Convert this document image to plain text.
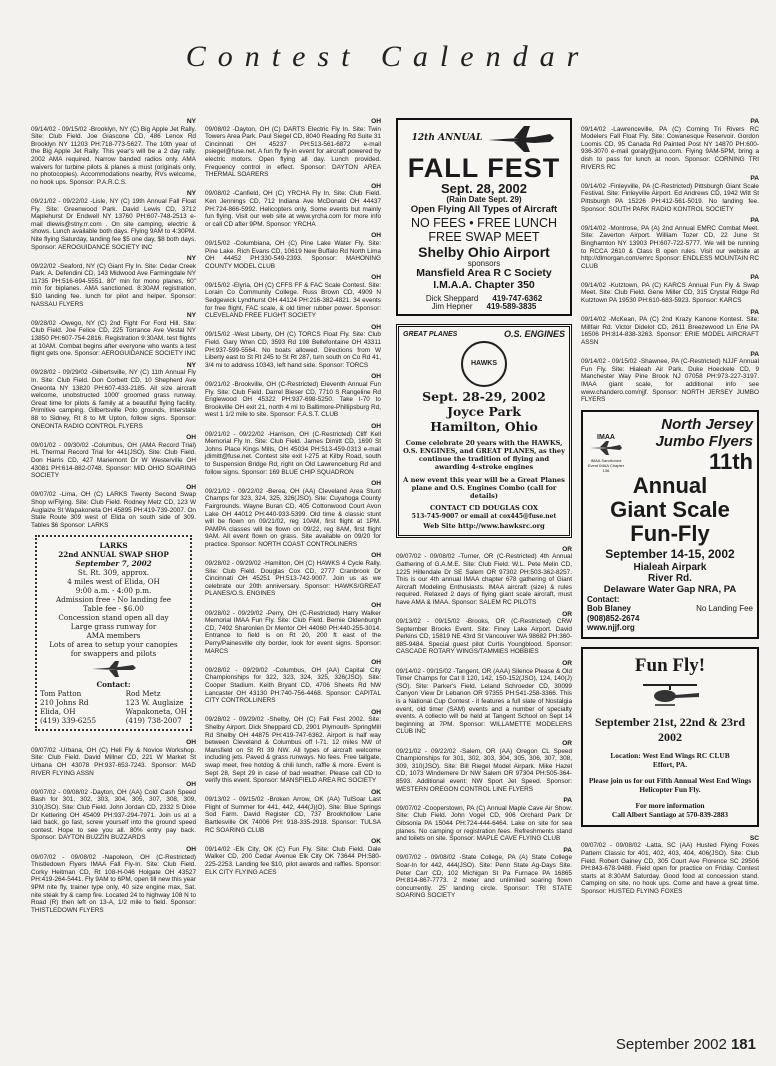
Contest Calendar
NY
09/14/02 - 09/15/02 -Brooklyn, NY (C) Big Apple Jet Rally. Site: Club Field. Joe Giascone CD, 486 Lenox Rd Brooklyn NY 11203 PH:718-773-5627. The 10th year of the Big Apple Jet Rally. This year's will be a 2 day rally. 2002 AMA required. Narrow banded radios only. AMA waivers for turbine pilots & planes a must (originals only, no photocopies). Accommodations nearby, RVs welcome, no hook ups. Sponsor: P.A.R.C.S.
NY
09/21/02 - 09/22/02 -Lisle, NY (C) 19th Annual Fall Float Fly. Site: Greenwood Park. David Lewis CD, 3712 Maplehurst Dr Endwell NY 13760 PH:607-748-2513 e-mail dlewis@stny.rr.com . On site camping, electric & shows. Lunch available both days. Flying 9AM to 4:30PM. Nite flying Saturday, landing fee $5 one day, $8 both days. Sponsor: AEROGUIDANCE SOCIETY INC
NY
09/22/02 -Seaford, NY (C) Giant Fly In. Site: Cedar Creek Park. A. Defendini CD, 143 Midwood Ave Farmingdale NY 11735 PH:516-694-5551. 80" min for mono planes, 60" min for biplanes. AMA sanctioned. 8:30AM registration, $10 landing fee. lunch for pilot and helper. Sponsor: NASSAU FLYERS
NY
09/28/02 -Owego, NY (C) 2nd Fight For Ford Hill. Site: Club Field. Joe Felice CD, 225 Torrance Ave Vestal NY 13850 PH:607-754-2816. Registration 9:30AM, test flights at 10AM. Combat begins after everyone who wants a test flight gets one. Sponsor: AEROGUIDANCE SOCIETY INC
NY
09/28/02 - 09/29/02 -Gilbertsville, NY (C) 11th Annual Fly In. Site: Club Field. Don Corbett CD, 10 Shepherd Ave Oneonta NY 13820 PH:607-433-2185. All size aircraft welcome, unobstructed 1000' groomed grass runway. Great time for pilots & family at a beautiful flying facility. Primitive camping. Gilbertsville Polo grounds, Interstate 88 to Sidney, Rt 8 to Mt Upton, follow signs. Sponsor: ONEONTA RADIO CONTROL FLYERS
OH
09/01/02 - 09/30/02 -Columbus, OH (AMA Record Trial) HL Thermal Record Trial for 441(JSO). Site: Club Field. Don Harris CD, 427 Mariemont Dr W Westerville OH 43081 PH:614-882-0748. Sponsor: MID OHIO SOARING SOCIETY
OH
09/07/02 -Lima, OH (C) LARKS Twenty Second Swap Shop w/Flying. Site: Club Field. Rodney Metz CD, 123 W Auglaize St Wapakoneta OH 45895 PH:419-739-2007. On State Route 309 west of Elida on south side of 309. Tables $6 Sponsor: LARKS
LARKS
22nd ANNUAL SWAP SHOP
September 7, 2002
St. Rt. 309, approx.
4 miles west of Elida, OH
9:00 a.m. - 4:00 p.m.
Admission free - No landing fee
Table fee - $6.00
Concession stand open all day
Large grass runway for
AMA members
Lots of area to setup your canopies
for swappers and pilots
Contact:
Tom Patton
210 Johns Rd
Elida, OH
(419) 339-6255
Rod Metz
123 W. Auglaize
Wapakoneta, OH
(419) 738-2007
OH
09/07/02 -Urbana, OH (C) Heli Fly & Novice Workshop. Site: Club Field. David Millner CD, 221 W Market St Urbana OH 43078 PH:937-653-7243. Sponsor: MAD RIVER FLYING ASSN
OH
09/07/02 - 09/08/02 -Dayton, OH (AA) Cold Cash Speed Bash for 301, 302, 303, 304, 305, 307, 308, 309, 310(JSO). Site: Club Field. John Jordan CD, 2332 S Dixie Dr Kettering OH 45409 PH:937-294-7971. Join us at a laid back, go fast, screw yourself into the ground speed contest. Hope to see you all. 80% entry pay back. Sponsor: DAYTON BUZZIN BUZZARDS
OH
09/07/02 - 09/08/02 -Napoleon, OH (C-Restricted) Thistledown Flyers IMAA Fall Fly-In. Site: Club Field. Corky Heitman CD, Rt 108-H-046 Holgate OH 43527 PH:419-264-5441. Fly 9AM to 6PM, open till new this year 9PM nite fly, trainer type only, 40 size engine max, Sat. nite steak fry & camp fire. Located 24 to highway 108 N to Road (R) then left on 13-A, 1/2 mile to field. Sponsor: THISTLEDOWN FLYERS
OH
09/08/02 -Dayton, OH (C) DARTS Electric Fly In. Site: Twin Towers Area Park. Paul Siegel CD, 8040 Reading Rd Suite 31 Cincinnati OH 45237 PH:513-561-6872 e-mail psiegel@fuse.net. A fun fly fly-in event for aircraft powered by electric motors. Open flying all day. Lunch provided. Frequency control in effect. Sponsor: DAYTON AREA THERMAL SOARERS
OH
09/08/02 -Canfield, OH (C) YRCHA Fly In. Site: Club Field. Ken Jennings CD, 712 Indiana Ave McDonald OH 44437 PH:724-866-5992. Helicopters only. Some events but mainly fun flying. Visit our web site at www.yrcha.com for more info or call CD after 9PM. Sponsor: YRCHA
OH
09/15/02 -Columbiana, OH (C) Pine Lake Water Fly. Site: Pine Lake. Rich Evans CD, 10619 New Buffalo Rd North Lima OH 44452 PH:330-549-2393. Sponsor: MAHONING COUNTY MODEL CLUB
OH
09/15/02 -Elyria, OH (C) CFFS FF & FAC Scale Contest. Site: Lorain Co Community College. Russ Brown CD, 4909 N Sedgewick Lyndhurst OH 44124 PH:216-382-4821. 34 events for free flight, FAC scale, & old timer rubber power. Sponsor: CLEVELAND FREE FLIGHT SOCIETY
OH
09/15/02 -West Liberty, OH (C) TORCS Float Fly. Site: Club Field. Gary Wren CD, 3593 Rd 198 Bellefontaine OH 43311 PH:937-599-5564. No boats allowed. Directions from W Liberty east to St Rt 245 to St Rt 287, turn south on Co Rd 41, 3/4 mi to address 10343, left hand side. Sponsor: TORCS
OH
09/21/02 -Brookville, OH (C-Restricted) Eleventh Annual Fun Fly. Site: Club Field. Darrel Bieser CD, 7710 S Rangeline Rd Englewood OH 45322 PH:937-698-5250. Take I-70 to Brookville OH exit 21, north 4 mi to Baltimore-Phillipsburg Rd, west 1 1/2 mile to site. Sponsor: F.A.S.T. CLUB
OH
09/21/02 - 09/22/02 -Harrison, OH (C-Restricted) Cliff Kell Memorial Fly In. Site: Club Field. James Dimitt CD, 1690 St Johns Place Kings Mills, OH 45034 PH:513-459-0313 e-mail jdimitt@fuse.net. Contest site exit I-275 at Kilby Road, south to Suspension Bridge Rd, right on Old Lawrenceburg Rd and follow signs. Sponsor: 169 BLUE CHIP SQUADRON
OH
09/21/02 - 09/22/02 -Berea, OH (AA) Cleveland Area Stunt Champs for 323, 324, 325, 326(JSO). Site: Cuyahoga County Fairgrounds. Wayne Buran CD, 405 Cottonwood Court Avon Lake OH 44012 PH:440-933-5399. Old time & classic stunt will be flown on 09/21/02, reg 10AM, first flight at 1PM. PAMPA classes will be flown on 09/22, reg 8AM, first flight 9AM. All event flown on grass. Site available on 09/20 for practice. Sponsor: NORTH COAST CONTROLINERS
OH
09/28/02 - 09/29/02 -Hamilton, OH (C) HAWKS 4 Cycle Rally. Site: Club Field. Douglas Cox CD, 2777 Cranbrook Dr Cincinnati OH 45251 PH:513-742-9007. Join us as we celebrate our 20th anniversary. Sponsor: HAWKS/GREAT PLANES/O.S. ENGINES
OH
09/28/02 - 09/29/02 -Perry, OH (C-Restricted) Harry Walker Memorial IMAA Fun Fly. Site: Club Field. Bernie Oldenburgh CD, 7492 Sharonlen Dr Mentor OH 44060 PH:440-255-3014. Entrance to field is on Rt 20, 200 ft east of the Perry/Painesville city border, look for event signs. Sponsor: MARCS
OH
09/28/02 - 09/29/02 -Columbus, OH (AA) Capital City Championships for 322, 323, 324, 325, 326(JSO). Site: Cooper Stadium. Keith Bryant CD, 4706 Sheets Rd NW Lancaster OH 43130 PH:740-756-4468. Sponsor: CAPITAL CITY CONTROLLINERS
OH
09/28/02 - 09/29/02 -Shelby, OH (C) Fall Fest 2002. Site: Shelby Airport. Dick Sheppard CD, 2901 Plymouth- SpringMill Rd Shelby OH 44875 PH:419-747-6362. Airport is half way between Cleveland & Columbus off I-71. 12 miles NW of Mansfield on St Rt 39 NW. All types of aircraft welcome including jets. Paved & grass runways. No fees. Free tailgate, swap meet, free hotdog & chili lunch, raffle & more. Event is Sept 28, Sept 29 in case of bad weather. Please call CD to verify this event. Sponsor: MANSFIELD AREA RC SOCIETY
OK
09/13/02 - 09/15/02 -Broken Arrow, OK (AA) TulSoar Last Flight of Summer for 441, 442, 444(J)(O). Site: Blue Springs Sod Farm. David Register CD, 737 Brookhollow Lane Bartlesville OK 74006 PH: 918-335-2918. Sponsor: TULSA RC SOARING CLUB
OK
09/14/02 -Elk City, OK (C) Fun Fly. Site: Club Field. Dale Walker CD, 200 Cedar Avenue Elk City OK 73644 PH:580-225-2253. Landing fee $10, pilot awards and raffles. Sponsor: ELK CITY FLYING ACES
12th ANNUAL
FALL FEST
Sept. 28, 2002
(Rain Date Sept. 29)
Open Flying All Types of Aircraft
NO FEES • FREE LUNCH
FREE SWAP MEET
Shelby Ohio Airport
sponsors
Mansfield Area R C Society
I.M.A.A. Chapter 350
Dick Sheppard 419-747-6362
Jim Hepner 419-589-3835
GREAT PLANES	O.S. ENGINES
HAWKS
Sept. 28-29, 2002
Joyce Park
Hamilton, Ohio
Come celebrate 20 years with the HAWKS, O.S. ENGINES, and GREAT PLANES, as they continue the tradition of flying and awarding 4-stroke engines
A new event this year will be a Great Planes plane and O.S. Engines Combo (call for details)
CONTACT CD DOUGLAS COX
513-745-9007 or email at cox445@fuse.net
Web Site http://www.hawksrc.org
OR
09/07/02 - 09/08/02 -Turner, OR (C-Restricted) 4th Annual Gathering of G.A.M.E. Site: Club Field. W.L. Pete Melin CD, 1225 Hillendale Dr SE Salem OR 97302 PH:503-362-8257. This is our 4th annual IMAA chapter 678 gathering of Giant Aircraft Modeling Enthusiasts. IMAA aircraft (size) & rules required. Relaxed 2 days of flying giant scale aircraft, must have AMA & IMAA. Sponsor: SALEM RC PILOTS
OR
09/13/02 - 09/15/02 -Brooks, OR (C-Restricted) CRW September Brooks Event. Site: Finey Lake Airport. David Perkins CD, 15819 NE 43rd St Vancouver WA 98682 PH:360-885-9484. Special guest pilot Curtis Youngblood. Sponsor: CASCADE ROTARY WINGS/TAMMIES HOBBIES
OR
09/14/02 - 09/15/02 -Tangent, OR (AAA) Silence Please & Old Timer Champs for Cat II 120, 142, 150-152(JSO), 124, 140(J)(SO). Site: Parker's Field. Leland Schroeder CD, 30099 Canyon View Dr Lebanon OR 97355 PH:541-258-3366. This is a National Cup Contest - it features a full slate of Nostalgia event, old timer (SAM) events and a number of specialty events. A collecto will be held at Tangent School on Sept 14 beginning at 7PM. Sponsor: WILLAMETTE MODELERS CLUB INC
OR
09/21/02 - 09/22/02 -Salem, OR (AA) Oregon CL Speed Championships for 301, 302, 303, 304, 305, 306, 307, 308, 309, 310(JSO). Site: Bill Riegel Model Airpark. Mike Hazel CD, 1073 Windemere Dr NW Salem OR 97304 PH:505-364-8593. Additional event: NW Sport Jet Speed. Sponsor: WESTERN OREGON CONTROL LINE FLYERS
PA
09/07/02 -Cooperstown, PA (C) Annual Maple Cave Air Show. Site: Club Field. John Vogel CD, 906 Orchard Park Dr Gibsonia PA 15044 PH:724-444-6464. Lake on site for sea planes. No camping or registration fees. Refreshments stand and toilets on site. Sponsor: MAPLE CAVE FLYING CLUB
PA
09/07/02 - 09/08/02 -State College, PA (A) State College Soar-In for 442, 444(JSO). Site: Penn State Ag-Days Site. Peter Carr CD, 102 Michigan St Pa Furnace PA 16865 PH:814-867-7773. 2 meter and unlimited soaring flown concurrently. 25' landing circle. Sponsor: TRI STATE SOARING SOCIETY
PA
09/14/02 -Lawrenceville, PA (C) Corning Tri Rivers RC Modelers Fall Float Fly. Site: Cowanesque Reservoir. Gordon Loomis CD, 95 Canada Rd Painted Post NY 14870 PH:600-936-3070 e-mail goraly@juno.com. Flying 9AM-5PM, bring a dish to pass for lunch at noon. Sponsor: CORNING TRI RIVERS RC
PA
09/14/02 -Finleyville, PA (C-Restricted) Pittsburgh Giant Scale Festival. Site: Finleyville Airport. Ed Andrews CD, 1942 Witt St Pittsburgh PA 15226 PH:412-561-5019. No landing fee. Sponsor: SOUTH PARK RADIO KONTROL SOCIETY
PA
09/14/02 -Montrose, PA (A) 2nd Annual EMRC Combat Meet. Site: Zaverton Airport. William Tozer CD, 22 June St Binghamton NY 13903 PH:607-722-5777. We will be running to RCCA 2610 & Class B open rules. Visit our website at http://dlmorgan.com/emrc Sponsor: ENDLESS MOUNTAIN RC CLUB
PA
09/14/02 -Kutztown, PA (C) KARCS Annual Fun Fly & Swap Meet. Site: Club Field. Gene Miller CD, 315 Crystal Ridge Rd Kutztown PA 19530 PH:610-683-5923. Sponsor: KARCS
PA
09/14/02 -McKean, PA (C) 2nd Krazy Kanone Kontest. Site: Millfair Rd. Victor Didelot CD, 2611 Breezewood Ln Erie PA 16506 PH:814-838-3263. Sponsor: ERIE MODEL AIRCRAFT ASSN
PA
09/14/02 - 09/15/02 -Shawnee, PA (C-Restricted) NJJF Annual Fun Fly. Site: Hialeah Air Park. Duke Hoeckele CD, 9 Manchester Way Pine Brook NJ 07058 PH:973-227-3197. IMAA giant scale, for additional info see www.chandero.com/njjf. Sponsor: NORTH JERSEY JUMBO FLYERS
North Jersey
IMAA
IMAA Sanctioned Event IMAA Chapter 136
Jumbo Flyers
11th
Annual
Giant Scale
Fun-Fly
September 14-15, 2002
Hialeah Airpark
River Rd.
Delaware Water Gap NRA, PA
Contact:
Bob Blaney	No Landing Fee
(908)852-2674
www.njjf.org
Fun Fly!
September 21st, 22nd & 23rd 2002
Location: West End Wings RC CLUB
Effort, PA.
Please join us for out Fifth Annual West End Wings Helicopter Fun Fly.
For more information
Call Albert Santiago at 570-839-2883
SC
09/07/02 - 09/08/02 -Latta, SC (AA) Husted Flying Foxes Pattern Classic for 401, 402, 403, 404, 406(JSO). Site: Club Field. Robert Gainey CD, 305 Court Ave Florence SC 29506 PH:843-678-9488. Field open for practice on Friday. Contest starts at 8:30AM Saturday. Good food at concession stand. Camping on site, no hook ups. Come and have a great time. Sponsor: HUSTED FLYING FOXES
September 2002 181
